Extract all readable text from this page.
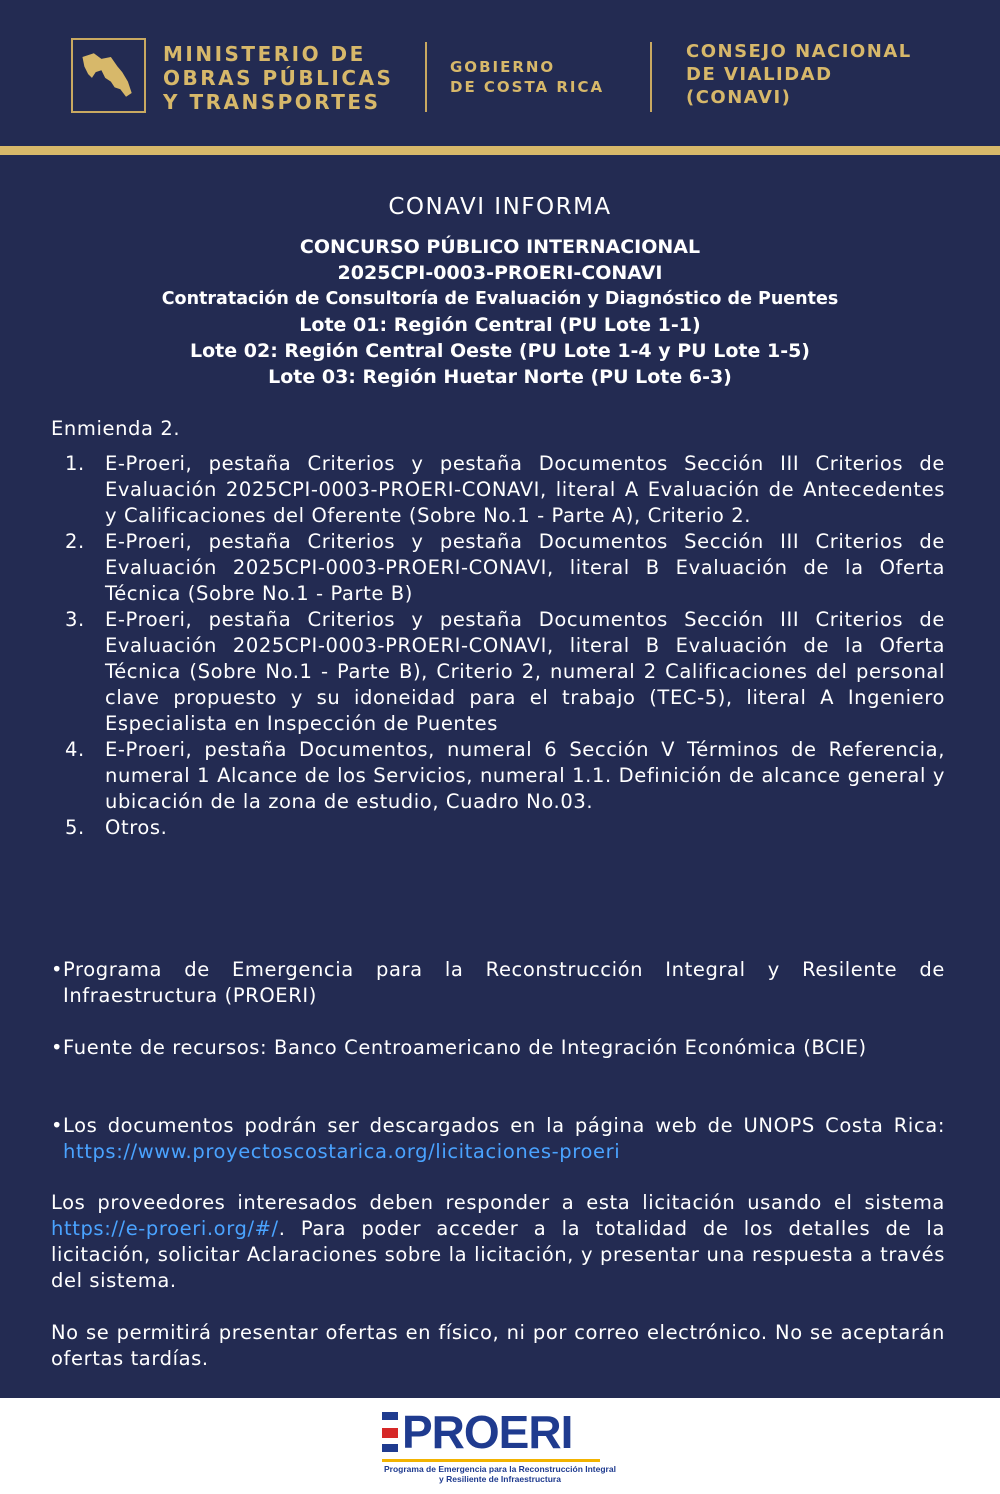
MINISTERIO DE
OBRAS PÚBLICAS
Y TRANSPORTES
GOBIERNO
DE COSTA RICA
CONSEJO NACIONAL
DE VIALIDAD
(CONAVI)
CONAVI INFORMA
CONCURSO PÚBLICO INTERNACIONAL
2025CPI-0003-PROERI-CONAVI
Contratación de Consultoría de Evaluación y Diagnóstico de Puentes
Lote 01: Región Central (PU Lote 1-1)
Lote 02: Región Central Oeste (PU Lote 1-4 y PU Lote 1-5)
Lote 03: Región Huetar Norte (PU Lote 6-3)
Enmienda 2.
1. E-Proeri, pestaña Criterios y pestaña Documentos Sección III Criterios de Evaluación 2025CPI-0003-PROERI-CONAVI, literal A Evaluación de Antecedentes y Calificaciones del Oferente (Sobre No.1 - Parte A), Criterio 2.
2. E-Proeri, pestaña Criterios y pestaña Documentos Sección III Criterios de Evaluación 2025CPI-0003-PROERI-CONAVI, literal B Evaluación de la Oferta Técnica (Sobre No.1 - Parte B)
3. E-Proeri, pestaña Criterios y pestaña Documentos Sección III Criterios de Evaluación 2025CPI-0003-PROERI-CONAVI, literal B Evaluación de la Oferta Técnica (Sobre No.1 - Parte B), Criterio 2, numeral 2 Calificaciones del personal clave propuesto y su idoneidad para el trabajo (TEC-5), literal A Ingeniero Especialista en Inspección de Puentes
4. E-Proeri, pestaña Documentos, numeral 6 Sección V Términos de Referencia, numeral 1 Alcance de los Servicios, numeral 1.1. Definición de alcance general y ubicación de la zona de estudio, Cuadro No.03.
5. Otros.
• Programa de Emergencia para la Reconstrucción Integral y Resilente de Infraestructura (PROERI)
• Fuente de recursos: Banco Centroamericano de Integración Económica (BCIE)
• Los documentos podrán ser descargados en la página web de UNOPS Costa Rica: https://www.proyectoscostarica.org/licitaciones-proeri
Los proveedores interesados deben responder a esta licitación usando el sistema https://e-proeri.org/#/. Para poder acceder a la totalidad de los detalles de la licitación, solicitar Aclaraciones sobre la licitación, y presentar una respuesta a través del sistema.
No se permitirá presentar ofertas en físico, ni por correo electrónico. No se aceptarán ofertas tardías.
PROERI
Programa de Emergencia para la Reconstrucción Integral
y Resiliente de Infraestructura
